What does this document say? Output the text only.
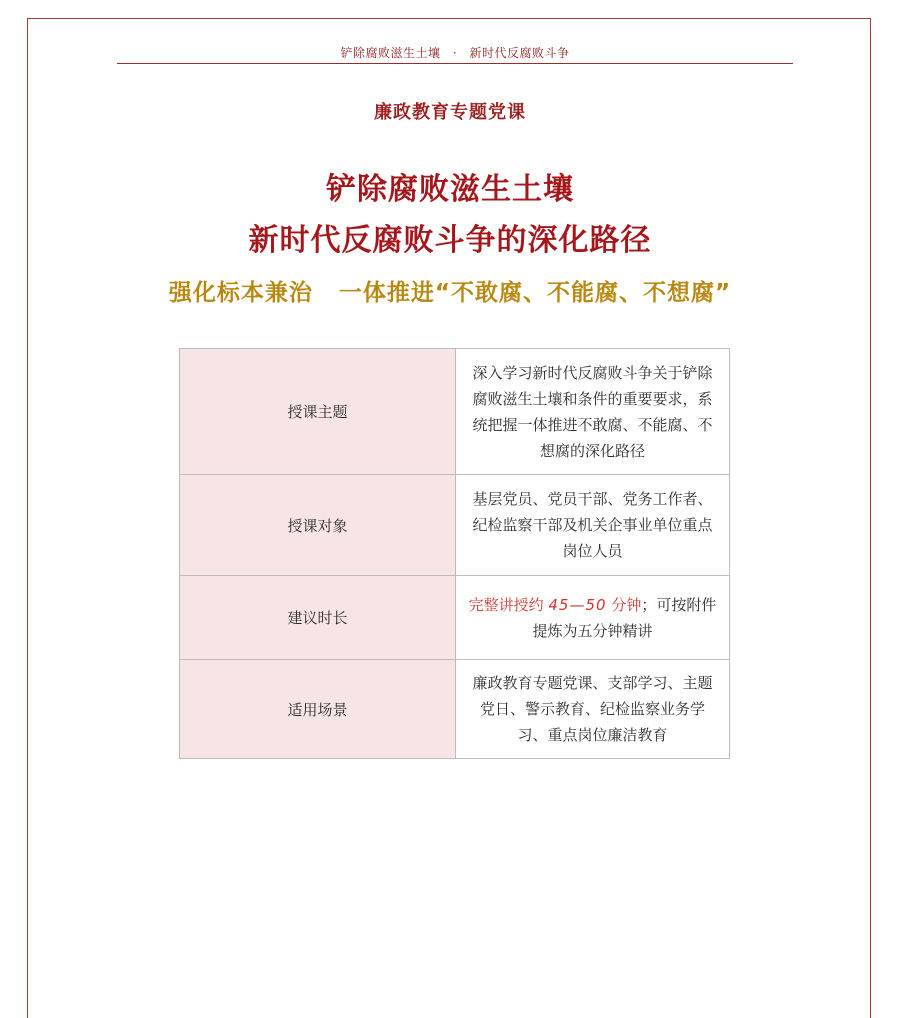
铲除腐败滋生土壤 · 新时代反腐败斗争
廉政教育专题党课
铲除腐败滋生土壤
新时代反腐败斗争的深化路径
强化标本兼治 一体推进“不敢腐、不能腐、不想腐”
授课主题	深入学习新时代反腐败斗争关于铲除腐败滋生土壤和条件的重要要求，系统把握一体推进不敢腐、不能腐、不想腐的深化路径
授课对象	基层党员、党员干部、党务工作者、纪检监察干部及机关企事业单位重点岗位人员
建议时长	完整讲授约 45—50 分钟；可按附件提炼为五分钟精讲
适用场景	廉政教育专题党课、支部学习、主题党日、警示教育、纪检监察业务学习、重点岗位廉洁教育
